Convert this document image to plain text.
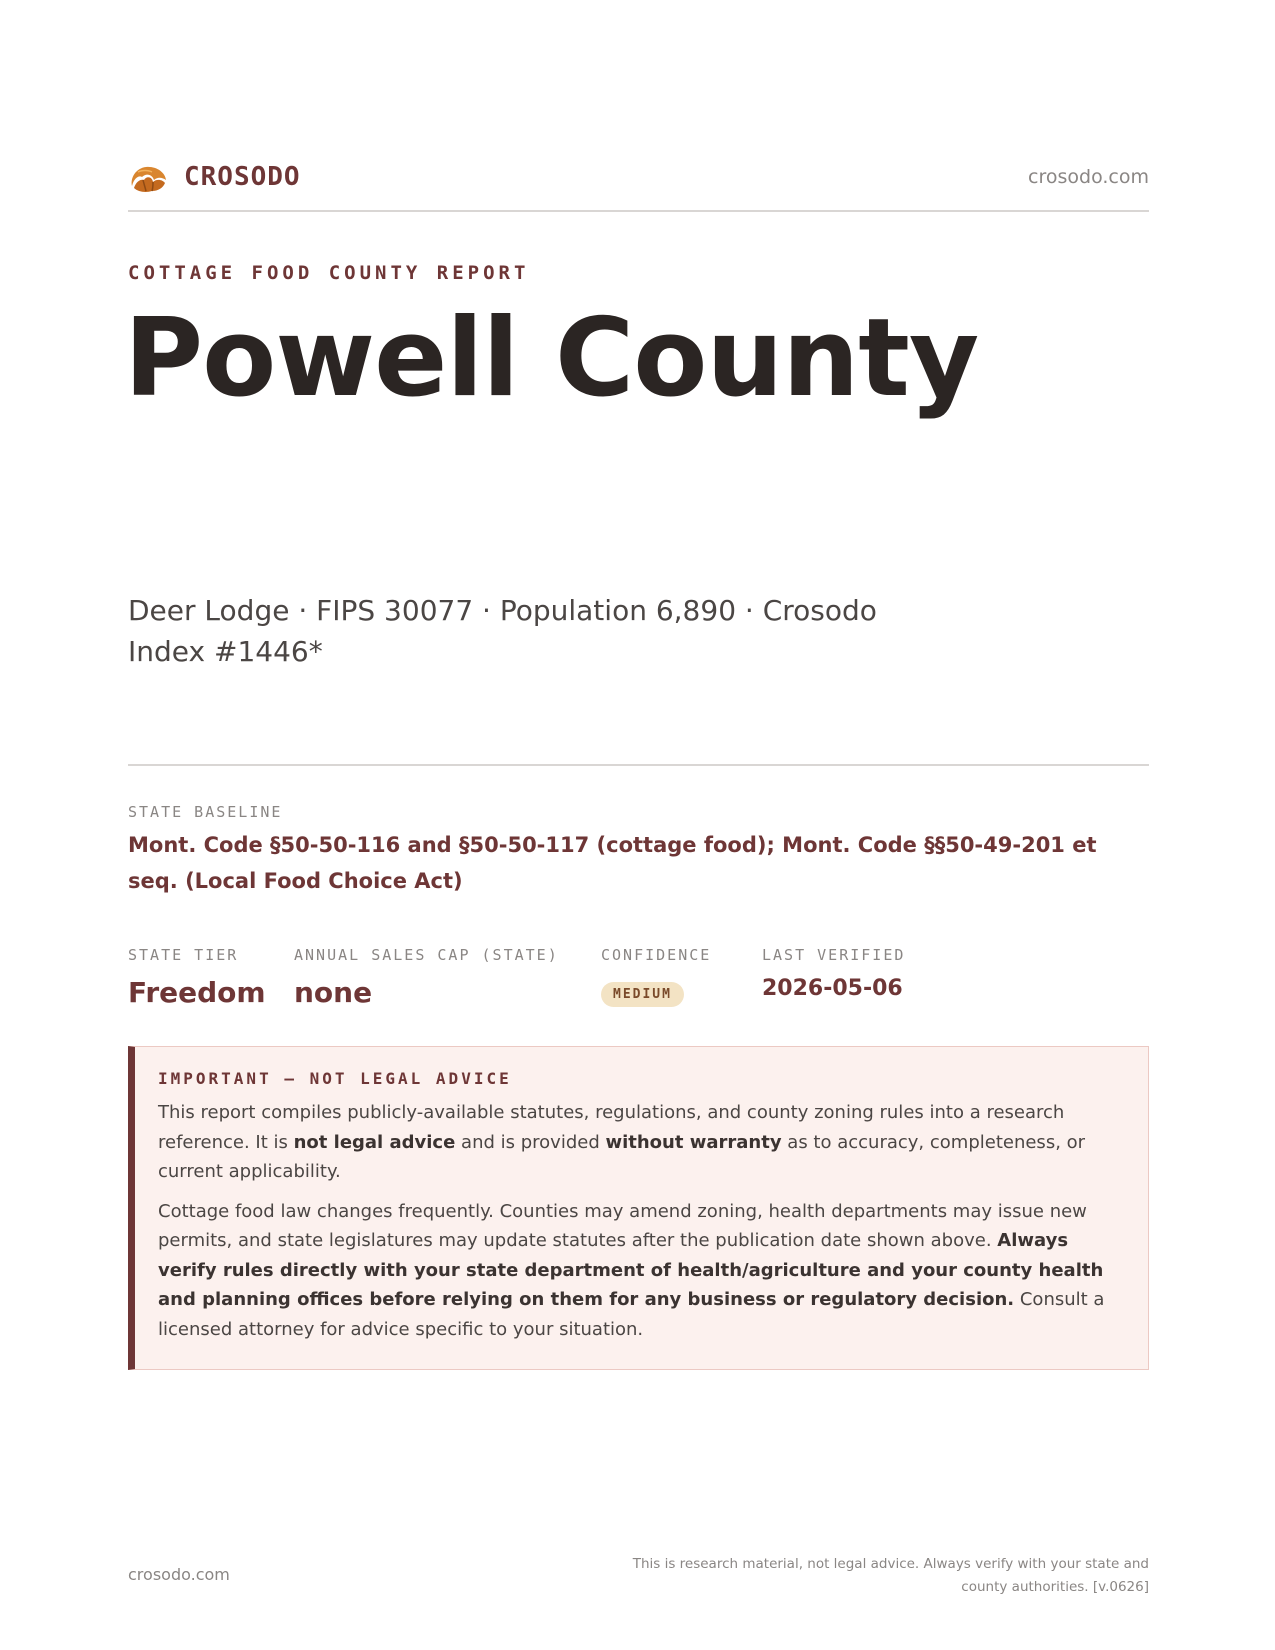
CROSODO	crosodo.com
COTTAGE FOOD COUNTY REPORT
Powell County
Deer Lodge · FIPS 30077 · Population 6,890 · Crosodo Index #1446*
STATE BASELINE
Mont. Code §50-50-116 and §50-50-117 (cottage food); Mont. Code §§50-49-201 et seq. (Local Food Choice Act)
STATE TIER
Freedom
ANNUAL SALES CAP (STATE)
none
CONFIDENCE
MEDIUM
LAST VERIFIED
2026-05-06
IMPORTANT — NOT LEGAL ADVICE

This report compiles publicly-available statutes, regulations, and county zoning rules into a research reference. It is not legal advice and is provided without warranty as to accuracy, completeness, or current applicability.

Cottage food law changes frequently. Counties may amend zoning, health departments may issue new permits, and state legislatures may update statutes after the publication date shown above. Always verify rules directly with your state department of health/agriculture and your county health and planning offices before relying on them for any business or regulatory decision. Consult a licensed attorney for advice specific to your situation.

crosodo.com
This is research material, not legal advice. Always verify with your state and county authorities. [v.0626]
